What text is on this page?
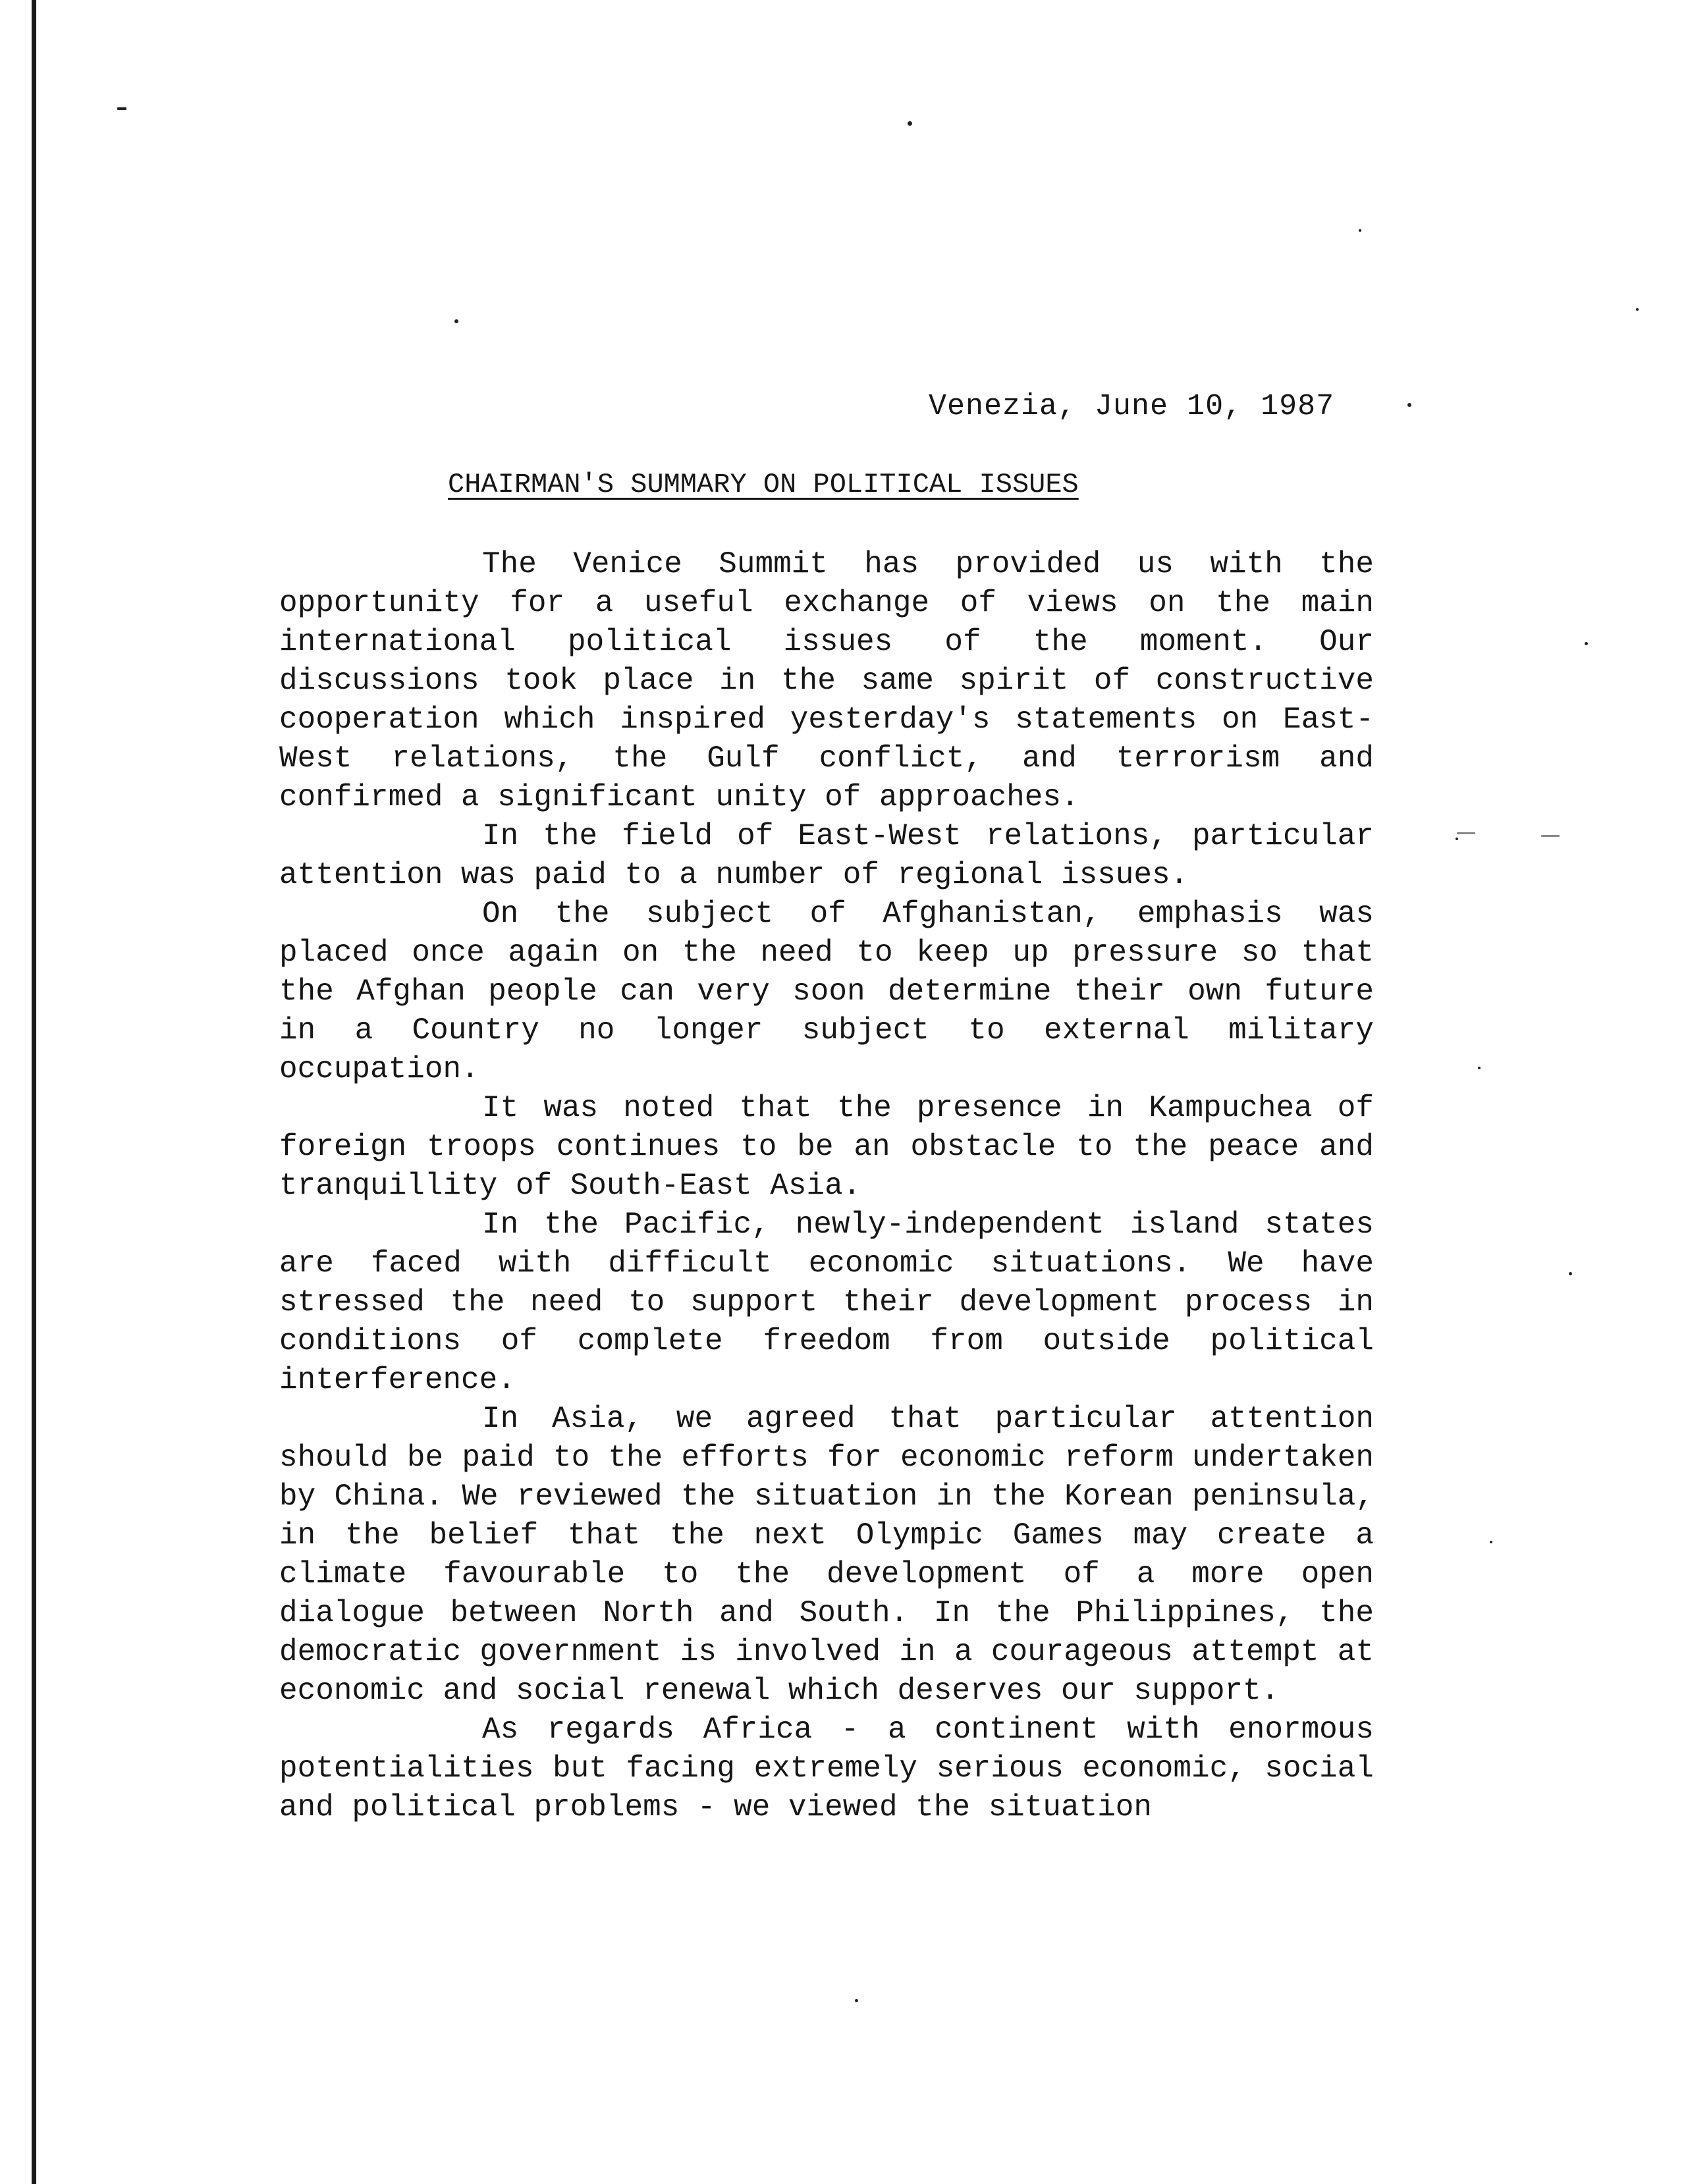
Venezia, June 10, 1987
CHAIRMAN'S SUMMARY ON POLITICAL ISSUES

The Venice Summit has provided us with the opportunity for a useful exchange of views on the main international political issues of the moment. Our discussions took place in the same spirit of constructive cooperation which inspired yesterday's statements on East-West relations, the Gulf conflict, and terrorism and confirmed a significant unity of approaches.

In the field of East-West relations, particular attention was paid to a number of regional issues.

On the subject of Afghanistan, emphasis was placed once again on the need to keep up pressure so that the Afghan people can very soon determine their own future in a Country no longer subject to external military occupation.

It was noted that the presence in Kampuchea of foreign troops continues to be an obstacle to the peace and tranquillity of South-East Asia.

In the Pacific, newly-independent island states are faced with difficult economic situations. We have stressed the need to support their development process in conditions of complete freedom from outside political interference.

In Asia, we agreed that particular attention should be paid to the efforts for economic reform undertaken by China. We reviewed the situation in the Korean peninsula, in the belief that the next Olympic Games may create a climate favourable to the development of a more open dialogue between North and South. In the Philippines, the democratic government is involved in a courageous attempt at economic and social renewal which deserves our support.

As regards Africa - a continent with enormous potentialities but facing extremely serious economic, social and political problems - we viewed the situation
